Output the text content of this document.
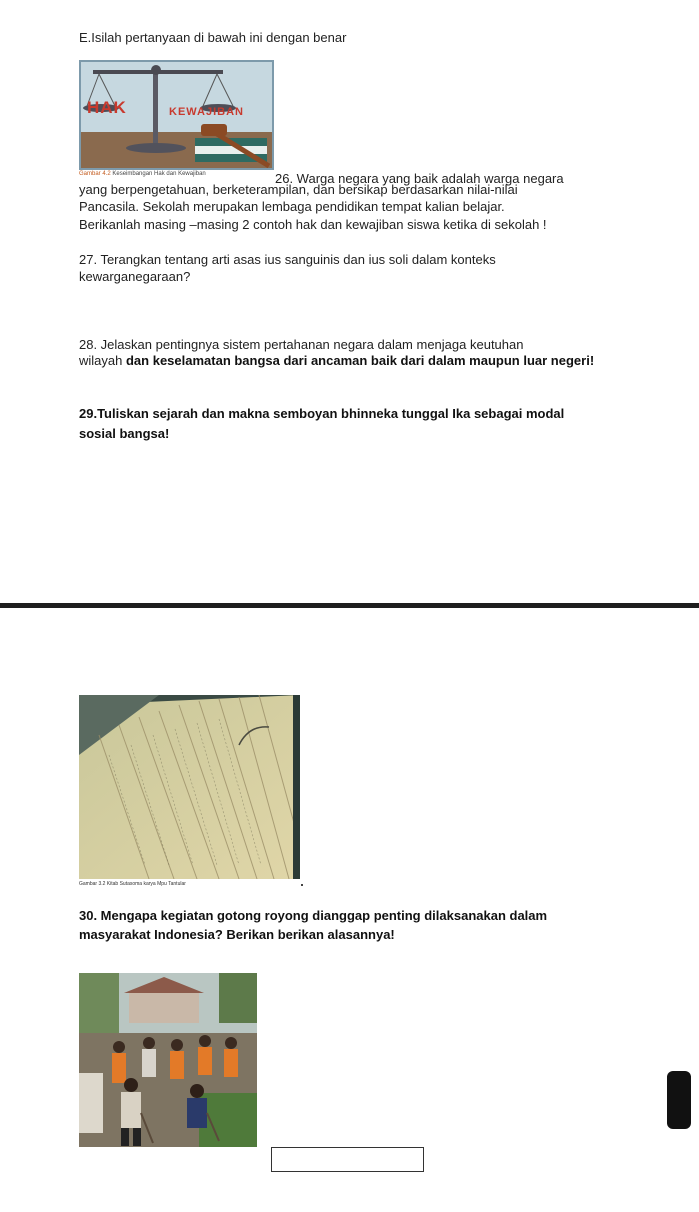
E.Isilah pertanyaan di bawah ini dengan benar
HAK	KEWAJIBAN
Gambar 4.2 Keseimbangan Hak dan Kewajiban	26. Warga negara yang baik adalah warga negara
yang berpengetahuan, berketerampilan, dan bersikap berdasarkan nilai-nilai
Pancasila. Sekolah merupakan lembaga pendidikan tempat kalian belajar.
Berikanlah masing –masing 2 contoh hak dan kewajiban siswa ketika di sekolah !
27. Terangkan tentang arti asas ius sanguinis dan ius soli dalam konteks
kewarganegaraan?
28. Jelaskan pentingnya sistem pertahanan negara dalam menjaga keutuhan
wilayah dan keselamatan bangsa dari ancaman baik dari dalam maupun luar negeri!
29.Tuliskan sejarah dan makna semboyan bhinneka tunggal Ika sebagai modal
sosial bangsa!
Gambar 3.2 Kitab Sutasoma karya Mpu Tantular
30. Mengapa kegiatan gotong royong dianggap penting dilaksanakan dalam
masyarakat Indonesia? Berikan berikan alasannya!
